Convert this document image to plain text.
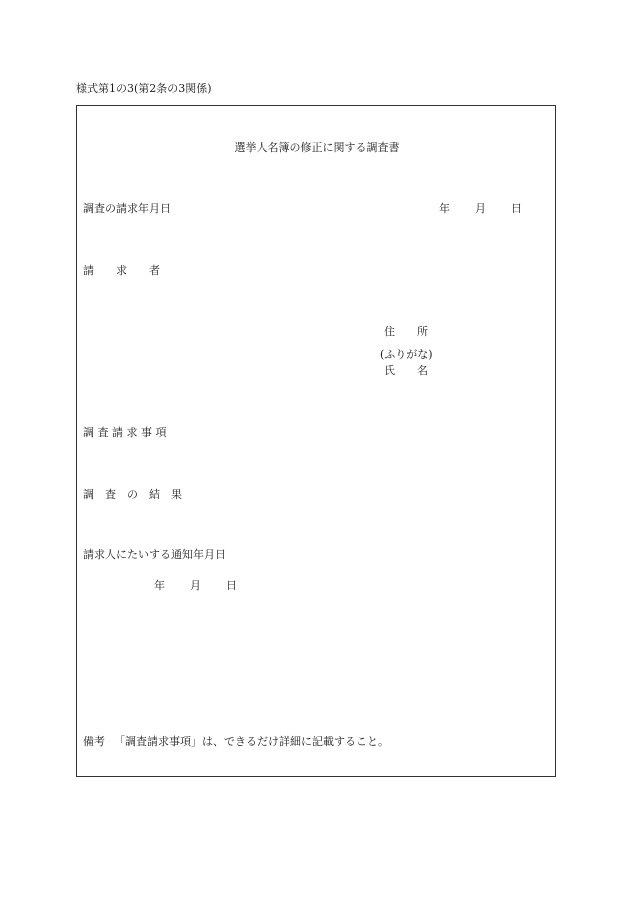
様式第1の3(第2条の3関係)
選挙人名簿の修正に関する調査書
調査の請求年月日	年 月 日
請　　求　　者
住　　所
(ふりがな)
氏　　名
調 査 請 求 事 項
調　査　の　結　果
請求人にたいする通知年月日
年 月 日
備考 「調査請求事項」は、できるだけ詳細に記載すること。
